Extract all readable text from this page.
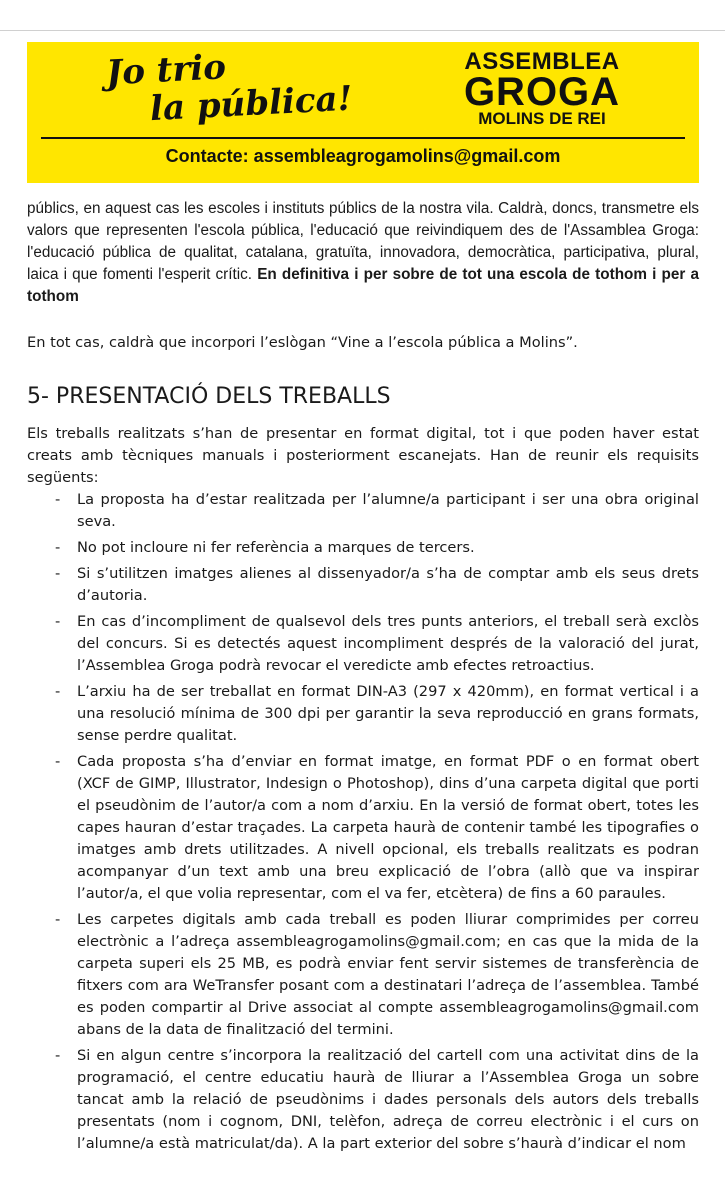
Jo trio
la pública!
ASSEMBLEA
GROGA
MOLINS DE REI
Contacte: assembleagrogamolins@gmail.com
públics, en aquest cas les escoles i instituts públics de la nostra vila. Caldrà, doncs, transmetre els valors que representen l'escola pública, l'educació que reivindiquem des de l'Assamblea Groga: l'educació pública de qualitat, catalana, gratuïta, innovadora, democràtica, participativa, plural, laica i que fomenti l'esperit crític. En definitiva i per sobre de tot una escola de tothom i per a tothom
En tot cas, caldrà que incorpori l’eslògan “Vine a l’escola pública a Molins”.
5- PRESENTACIÓ DELS TREBALLS

Els treballs realitzats s’han de presentar en format digital, tot i que poden haver estat creats amb tècniques manuals i posteriorment escanejats. Han de reunir els requisits següents:

- La proposta ha d’estar realitzada per l’alumne/a participant i ser una obra original seva.
- No pot incloure ni fer referència a marques de tercers.
- Si s’utilitzen imatges alienes al dissenyador/a s’ha de comptar amb els seus drets d’autoria.
- En cas d’incompliment de qualsevol dels tres punts anteriors, el treball serà exclòs del concurs. Si es detectés aquest incompliment després de la valoració del jurat, l’Assemblea Groga podrà revocar el veredicte amb efectes retroactius.
- L’arxiu ha de ser treballat en format DIN-A3 (297 x 420mm), en format vertical i a una resolució mínima de 300 dpi per garantir la seva reproducció en grans formats, sense perdre qualitat.
- Cada proposta s’ha d’enviar en format imatge, en format PDF o en format obert (XCF de GIMP, Illustrator, Indesign o Photoshop), dins d’una carpeta digital que porti el pseudònim de l’autor/a com a nom d’arxiu. En la versió de format obert, totes les capes hauran d’estar traçades. La carpeta haurà de contenir també les tipografies o imatges amb drets utilitzades. A nivell opcional, els treballs realitzats es podran acompanyar d’un text amb una breu explicació de l’obra (allò que va inspirar l’autor/a, el que volia representar, com el va fer, etcètera) de fins a 60 paraules.
- Les carpetes digitals amb cada treball es poden lliurar comprimides per correu electrònic a l’adreça assembleagrogamolins@gmail.com; en cas que la mida de la carpeta superi els 25 MB, es podrà enviar fent servir sistemes de transferència de fitxers com ara WeTransfer posant com a destinatari l’adreça de l’assemblea. També es poden compartir al Drive associat al compte assembleagrogamolins@gmail.com abans de la data de finalització del termini.
- Si en algun centre s’incorpora la realització del cartell com una activitat dins de la programació, el centre educatiu haurà de lliurar a l’Assemblea Groga un sobre tancat amb la relació de pseudònims i dades personals dels autors dels treballs presentats (nom i cognom, DNI, telèfon, adreça de correu electrònic i el curs on l’alumne/a està matriculat/da). A la part exterior del sobre s’haurà d’indicar el nom
